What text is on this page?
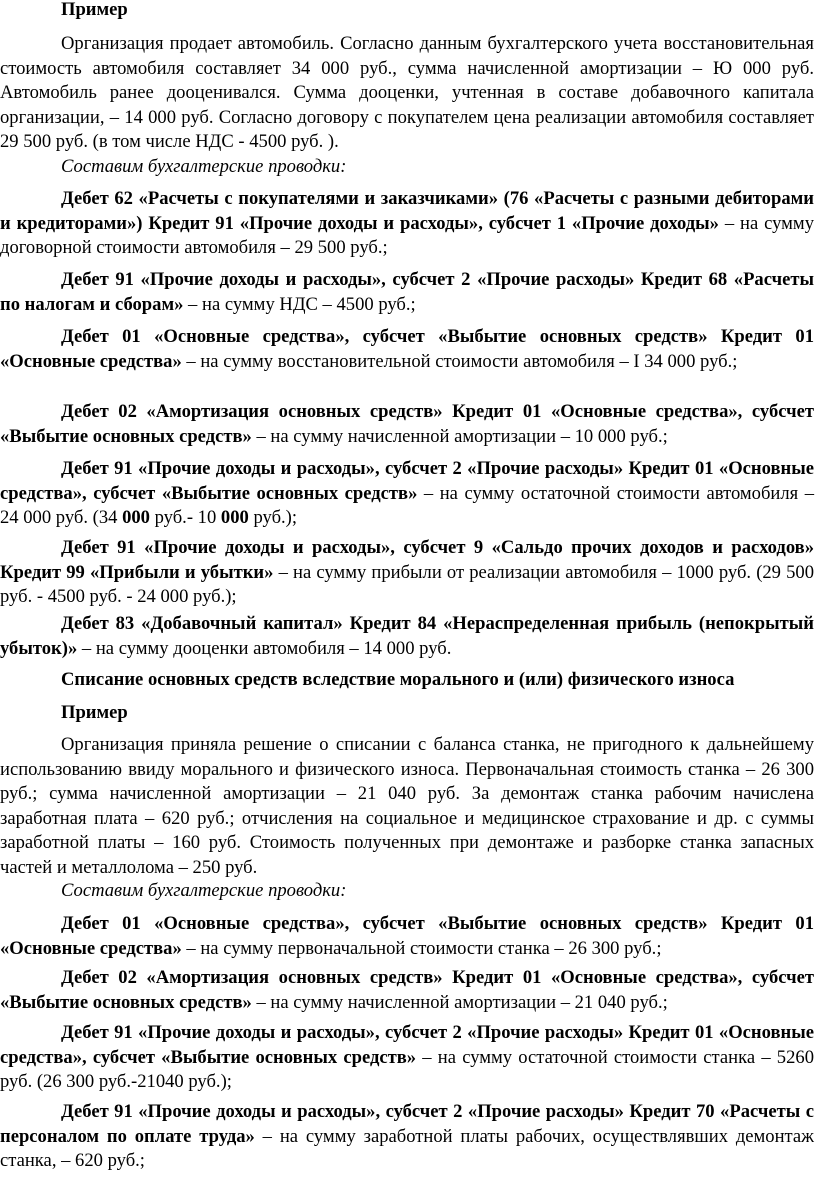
Пример

Организация продает автомобиль. Согласно данным бухгалтерского учета восстановительная стоимость автомобиля составляет 34 000 руб., сумма начисленной амортизации – Ю 000 руб. Автомобиль ранее дооценивался. Сумма дооценки, учтенная в составе добавочного капитала организации, – 14 000 руб. Согласно договору с покупателем цена реализации автомобиля составляет 29 500 руб. (в том числе НДС - 4500 руб. ).

Составим бухгалтерские проводки:

Дебет 62 «Расчеты с покупателями и заказчиками» (76 «Расчеты с разными дебиторами и кредиторами») Кредит 91 «Прочие доходы и расходы», субсчет 1 «Прочие доходы» – на сумму договорной стоимости автомобиля – 29 500 руб.;

Дебет 91 «Прочие доходы и расходы», субсчет 2 «Прочие расходы» Кредит 68 «Расчеты по налогам и сборам» – на сумму НДС – 4500 руб.;

Дебет 01 «Основные средства», субсчет «Выбытие основных средств» Кредит 01 «Основные средства» – на сумму восстановительной стоимости автомобиля – I 34 000 руб.;

Дебет 02 «Амортизация основных средств» Кредит 01 «Основные средства», субсчет «Выбытие основных средств» – на сумму начисленной амортизации – 10 000 руб.;

Дебет 91 «Прочие доходы и расходы», субсчет 2 «Прочие расходы» Кредит 01 «Основные средства», субсчет «Выбытие основных средств» – на сумму остаточной стоимости автомобиля – 24 000 руб. (34 000 руб.- 10 000 руб.);

Дебет 91 «Прочие доходы и расходы», субсчет 9 «Сальдо прочих доходов и расходов» Кредит 99 «Прибыли и убытки» – на сумму прибыли от реализации автомобиля – 1000 руб. (29 500 руб. - 4500 руб. - 24 000 руб.);

Дебет 83 «Добавочный капитал» Кредит 84 «Нераспределенная прибыль (непокрытый убыток)» – на сумму дооценки автомобиля – 14 000 руб.

Списание основных средств вследствие морального и (или) физического износа

Пример

Организация приняла решение о списании с баланса станка, не пригодного к дальнейшему использованию ввиду морального и физического износа. Первоначальная стоимость станка – 26 300 руб.; сумма начисленной амортизации – 21 040 руб. За демонтаж станка рабочим начислена заработная плата – 620 руб.; отчисления на социальное и медицинское страхование и др. с суммы заработной платы – 160 руб. Стоимость полученных при демонтаже и разборке станка запасных частей и металлолома – 250 руб.

Составим бухгалтерские проводки:

Дебет 01 «Основные средства», субсчет «Выбытие основных средств» Кредит 01 «Основные средства» – на сумму первоначальной стоимости станка – 26 300 руб.;

Дебет 02 «Амортизация основных средств» Кредит 01 «Основные средства», субсчет «Выбытие основных средств» – на сумму начисленной амортизации – 21 040 руб.;

Дебет 91 «Прочие доходы и расходы», субсчет 2 «Прочие расходы» Кредит 01 «Основные средства», субсчет «Выбытие основных средств» – на сумму остаточной стоимости станка – 5260 руб. (26 300 руб.-21040 руб.);

Дебет 91 «Прочие доходы и расходы», субсчет 2 «Прочие расходы» Кредит 70 «Расчеты с персоналом по оплате труда» – на сумму заработной платы рабочих, осуществлявших демонтаж станка, – 620 руб.;
